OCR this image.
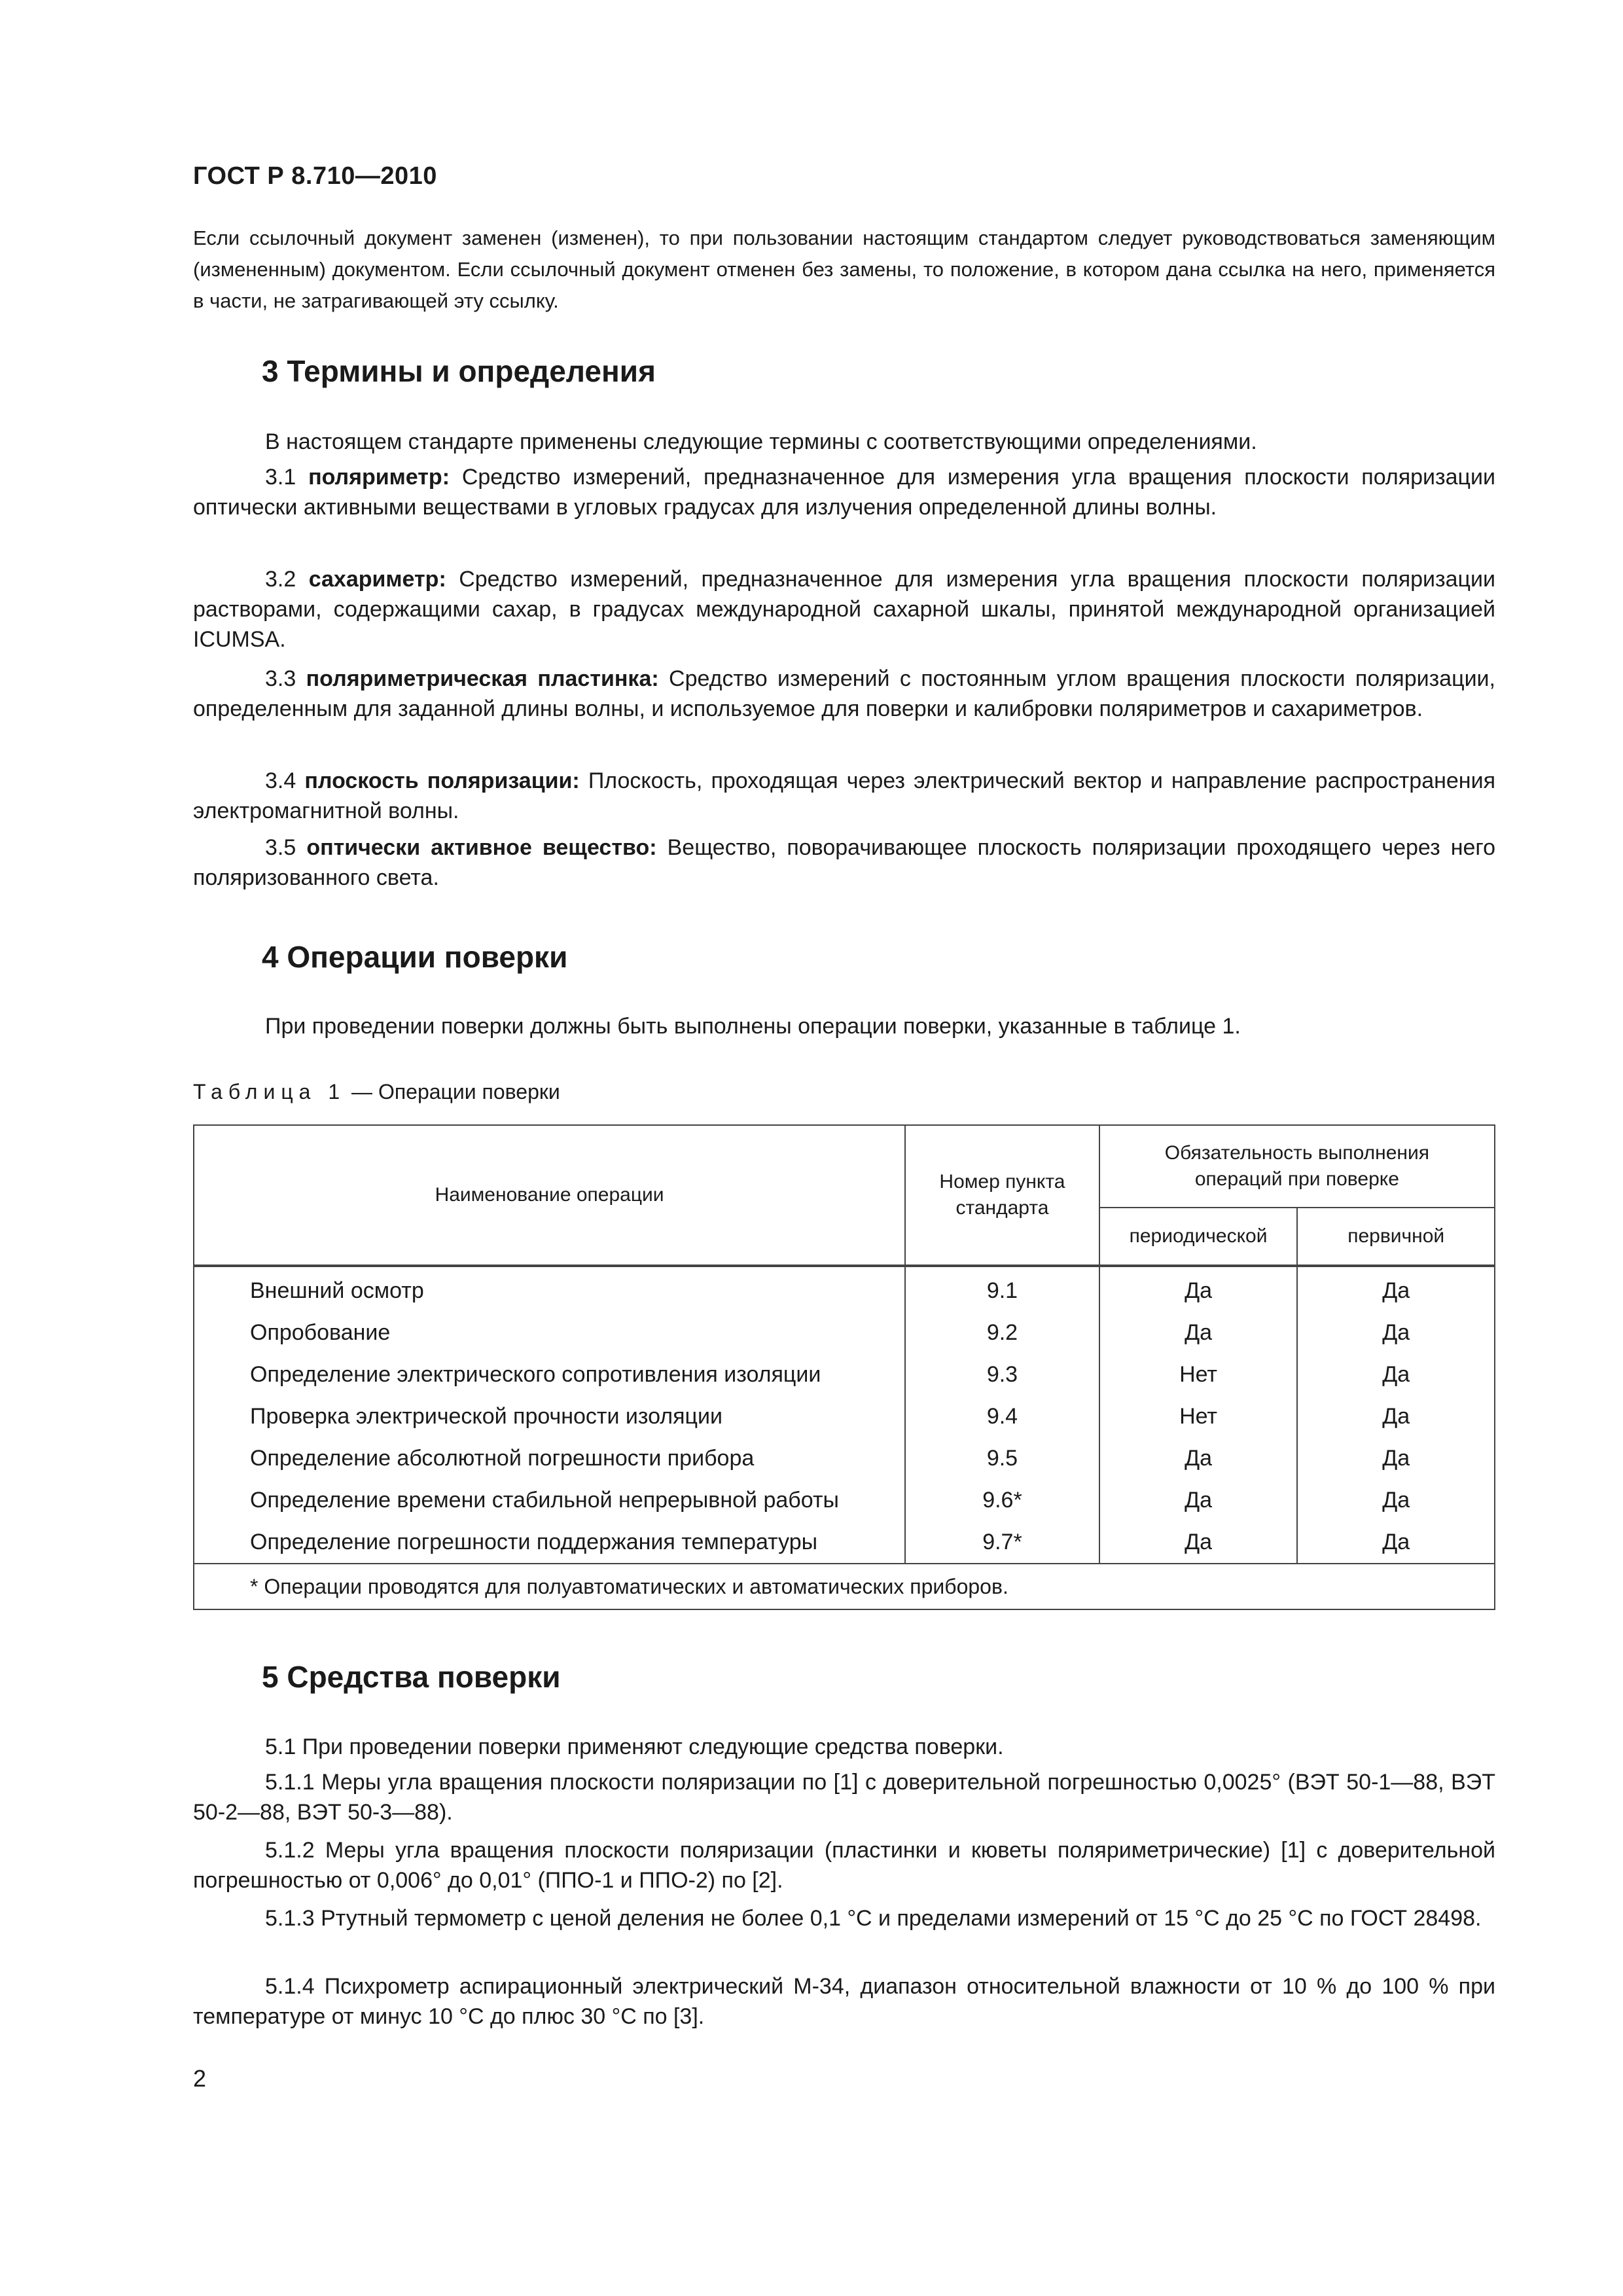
ГОСТ Р 8.710—2010
Если ссылочный документ заменен (изменен), то при пользовании настоящим стандартом следует руководствоваться заменяющим (измененным) документом. Если ссылочный документ отменен без замены, то положение, в котором дана ссылка на него, применяется в части, не затрагивающей эту ссылку.
3 Термины и определения
В настоящем стандарте применены следующие термины с соответствующими определениями.
3.1 поляриметр: Средство измерений, предназначенное для измерения угла вращения плоскости поляризации оптически активными веществами в угловых градусах для излучения определенной длины волны.
3.2 сахариметр: Средство измерений, предназначенное для измерения угла вращения плоскости поляризации растворами, содержащими сахар, в градусах международной сахарной шкалы, принятой международной организацией ICUMSA.
3.3 поляриметрическая пластинка: Средство измерений с постоянным углом вращения плоскости поляризации, определенным для заданной длины волны, и используемое для поверки и калибровки поляриметров и сахариметров.
3.4 плоскость поляризации: Плоскость, проходящая через электрический вектор и направление распространения электромагнитной волны.
3.5 оптически активное вещество: Вещество, поворачивающее плоскость поляризации проходящего через него поляризованного света.
4 Операции поверки
При проведении поверки должны быть выполнены операции поверки, указанные в таблице 1.
Таблица 1 — Операции поверки
Наименование операции	Номер пункта стандарта	Обязательность выполнения операций при поверке	
		периодической	первичной
Внешний осмотр	9.1	Да	Да
Опробование	9.2	Да	Да
Определение электрического сопротивления изоляции	9.3	Нет	Да
Проверка электрической прочности изоляции	9.4	Нет	Да
Определение абсолютной погрешности прибора	9.5	Да	Да
Определение времени стабильной непрерывной работы	9.6*	Да	Да
Определение погрешности поддержания температуры	9.7*	Да	Да
* Операции проводятся для полуавтоматических и автоматических приборов.			
5 Средства поверки
5.1 При проведении поверки применяют следующие средства поверки.
5.1.1 Меры угла вращения плоскости поляризации по [1] с доверительной погрешностью 0,0025° (ВЭТ 50-1—88, ВЭТ 50-2—88, ВЭТ 50-3—88).
5.1.2 Меры угла вращения плоскости поляризации (пластинки и кюветы поляриметрические) [1] с доверительной погрешностью от 0,006° до 0,01° (ППО-1 и ППО-2) по [2].
5.1.3 Ртутный термометр с ценой деления не более 0,1 °С и пределами измерений от 15 °С до 25 °С по ГОСТ 28498.
5.1.4 Психрометр аспирационный электрический М-34, диапазон относительной влажности от 10 % до 100 % при температуре от минус 10 °С до плюс 30 °С по [3].
2
